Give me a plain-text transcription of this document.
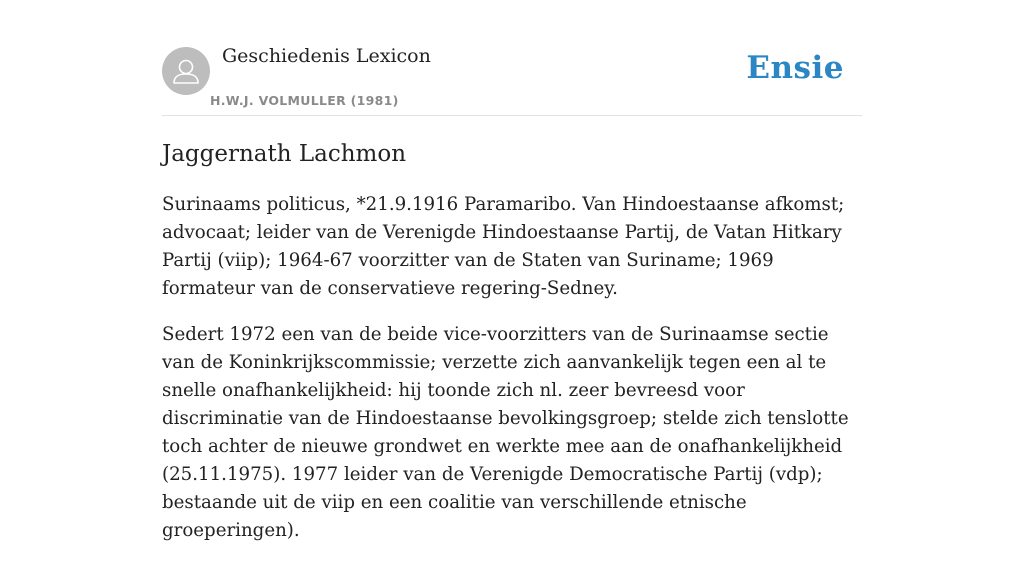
Geschiedenis Lexicon
H.W.J. VOLMULLER (1981)
Ensie
Jaggernath Lachmon

Surinaams politicus, *21.9.1916 Paramaribo. Van Hindoestaanse afkomst; advocaat; leider van de Verenigde Hindoestaanse Partij, de Vatan Hitkary Partij (viip); 1964-67 voorzitter van de Staten van Suriname; 1969 formateur van de conservatieve regering-Sedney.

Sedert 1972 een van de beide vice-voorzitters van de Surinaamse sectie van de Koninkrijkscommissie; verzette zich aanvankelijk tegen een al te snelle onafhankelijkheid: hij toonde zich nl. zeer bevreesd voor discriminatie van de Hindoestaanse bevolkingsgroep; stelde zich tenslotte toch achter de nieuwe grondwet en werkte mee aan de onafhankelijkheid (25.11.1975). 1977 leider van de Verenigde Democratische Partij (vdp); bestaande uit de viip en een coalitie van verschillende etnische groeperingen).
